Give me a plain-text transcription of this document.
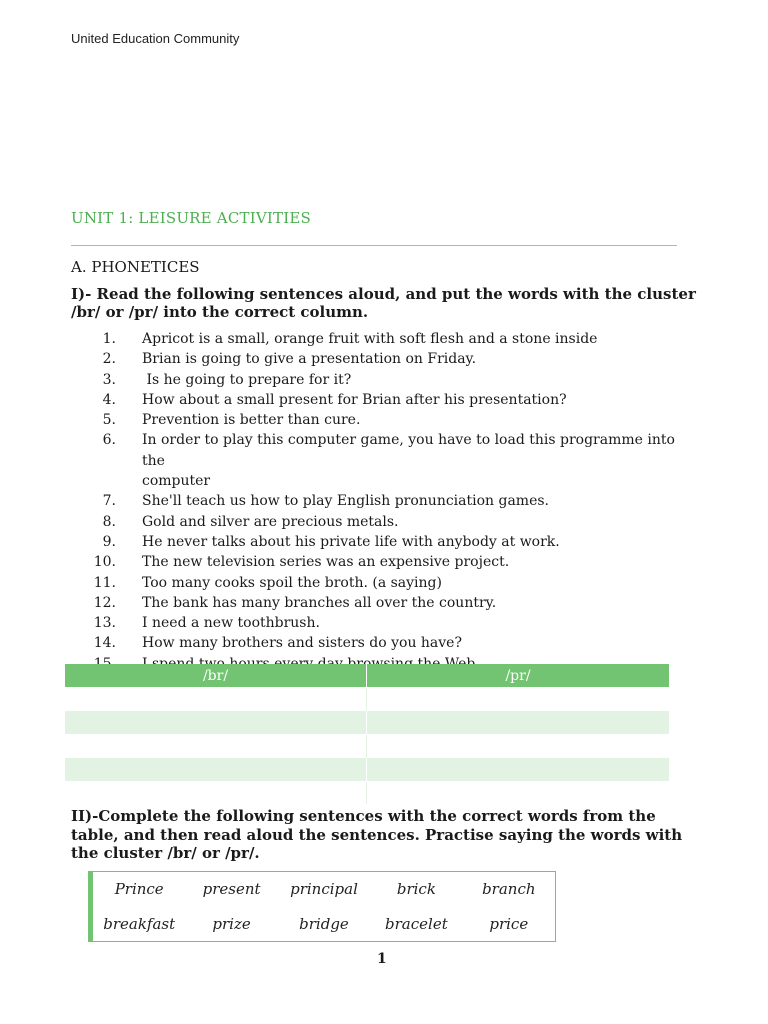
United Education Community
UNIT 1: LEISURE ACTIVITIES
A. PHONETICES
I)- Read the following sentences aloud, and put the words with the cluster /br/ or /pr/ into the correct column.
1. Apricot is a small, orange fruit with soft flesh and a stone inside
2. Brian is going to give a presentation on Friday.
3. Is he going to prepare for it?
4. How about a small present for Brian after his presentation?
5. Prevention is better than cure.
6. In order to play this computer game, you have to load this programme into the
computer
7. She'll teach us how to play English pronunciation games.
8. Gold and silver are precious metals.
9. He never talks about his private life with anybody at work.
10. The new television series was an expensive project.
11. Too many cooks spoil the broth. (a saying)
12. The bank has many branches all over the country.
13. I need a new toothbrush.
14. How many brothers and sisters do you have?
/br/	/pr/

II)-Complete the following sentences with the correct words from the table, and then read aloud the sentences. Practise saying the words with the cluster /br/ or /pr/.
Prince	present	principal	brick	branch
breakfast	prize	bridge	bracelet	price
1
